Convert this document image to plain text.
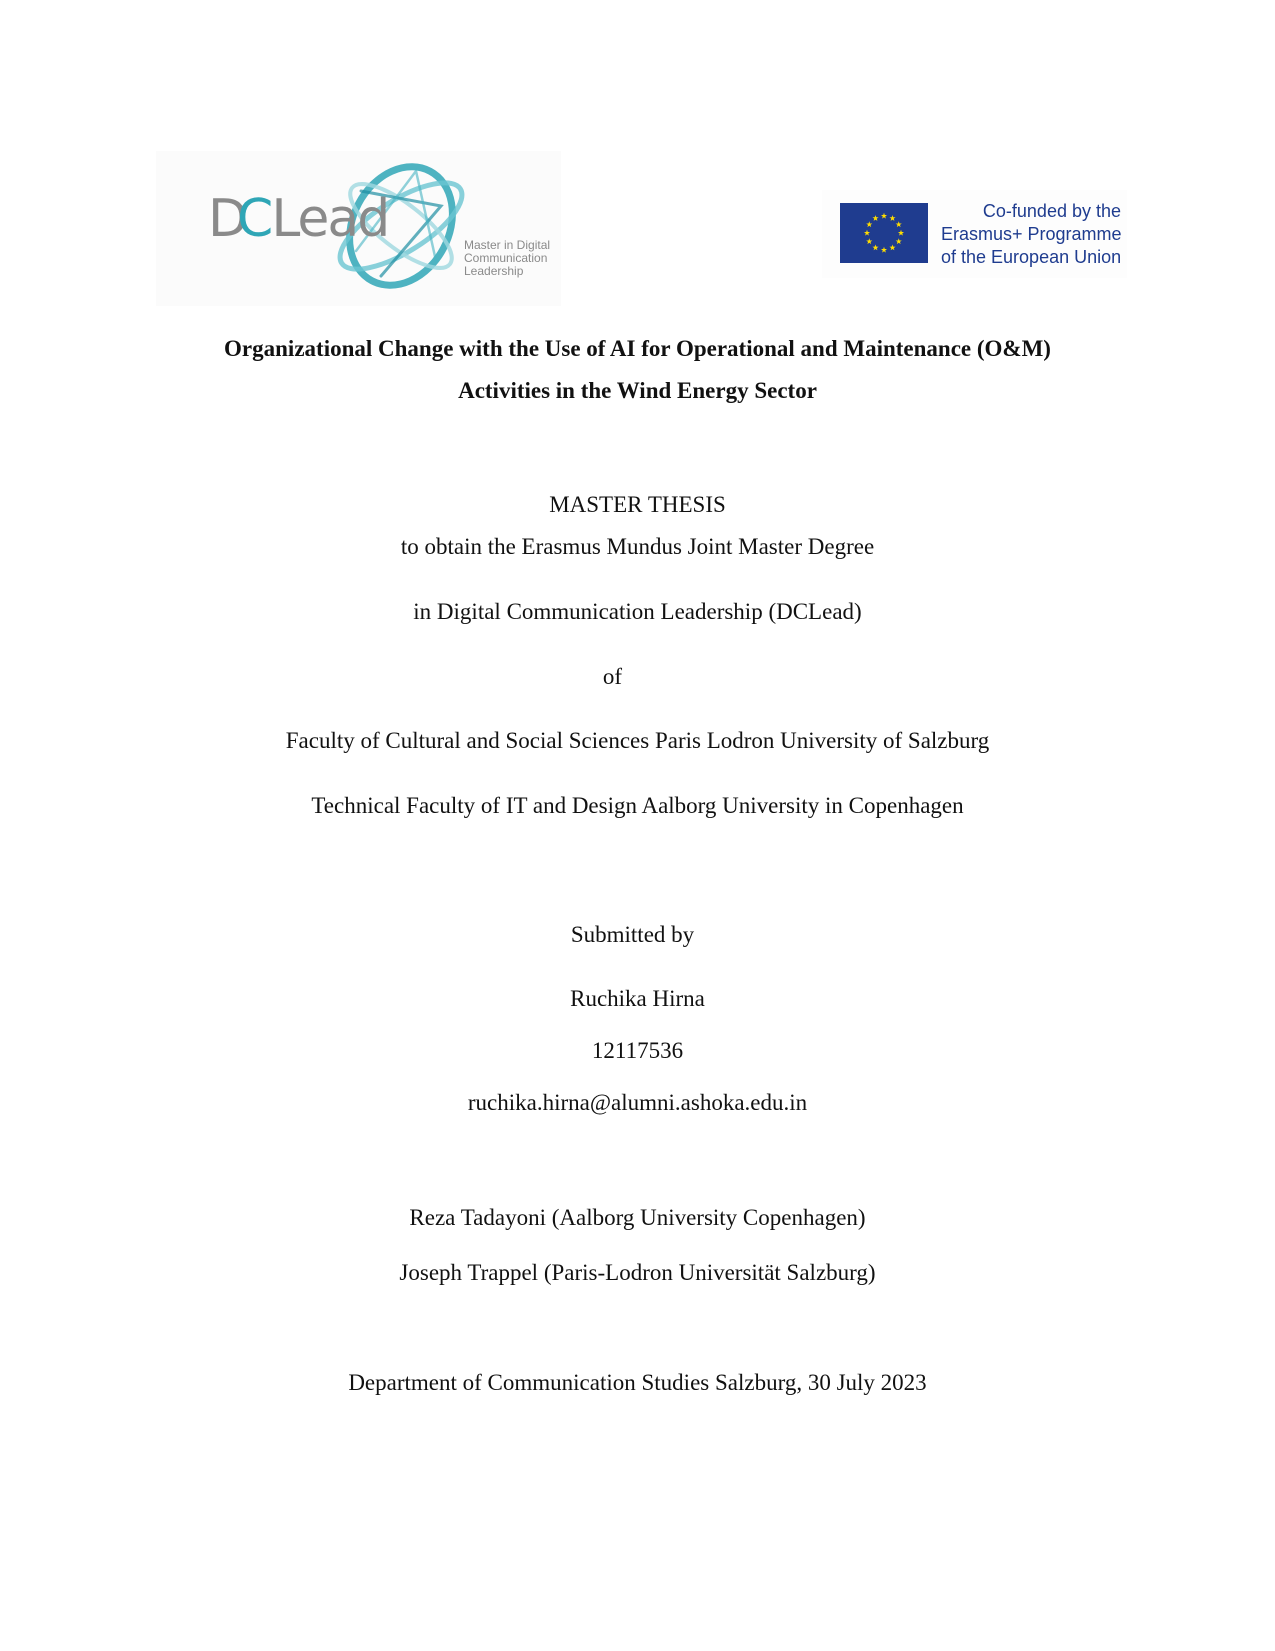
DCLead	Master in Digital
Communication
Leadership
Co-funded by the
Erasmus+ Programme
of the European Union
Organizational Change with the Use of AI for Operational and Maintenance (O&M)
Activities in the Wind Energy Sector
MASTER THESIS
to obtain the Erasmus Mundus Joint Master Degree
in Digital Communication Leadership (DCLead)
of
Faculty of Cultural and Social Sciences Paris Lodron University of Salzburg
Technical Faculty of IT and Design Aalborg University in Copenhagen
Submitted by
Ruchika Hirna
12117536
ruchika.hirna@alumni.ashoka.edu.in
Reza Tadayoni (Aalborg University Copenhagen)
Joseph Trappel (Paris-Lodron Universität Salzburg)
Department of Communication Studies Salzburg, 30 July 2023
